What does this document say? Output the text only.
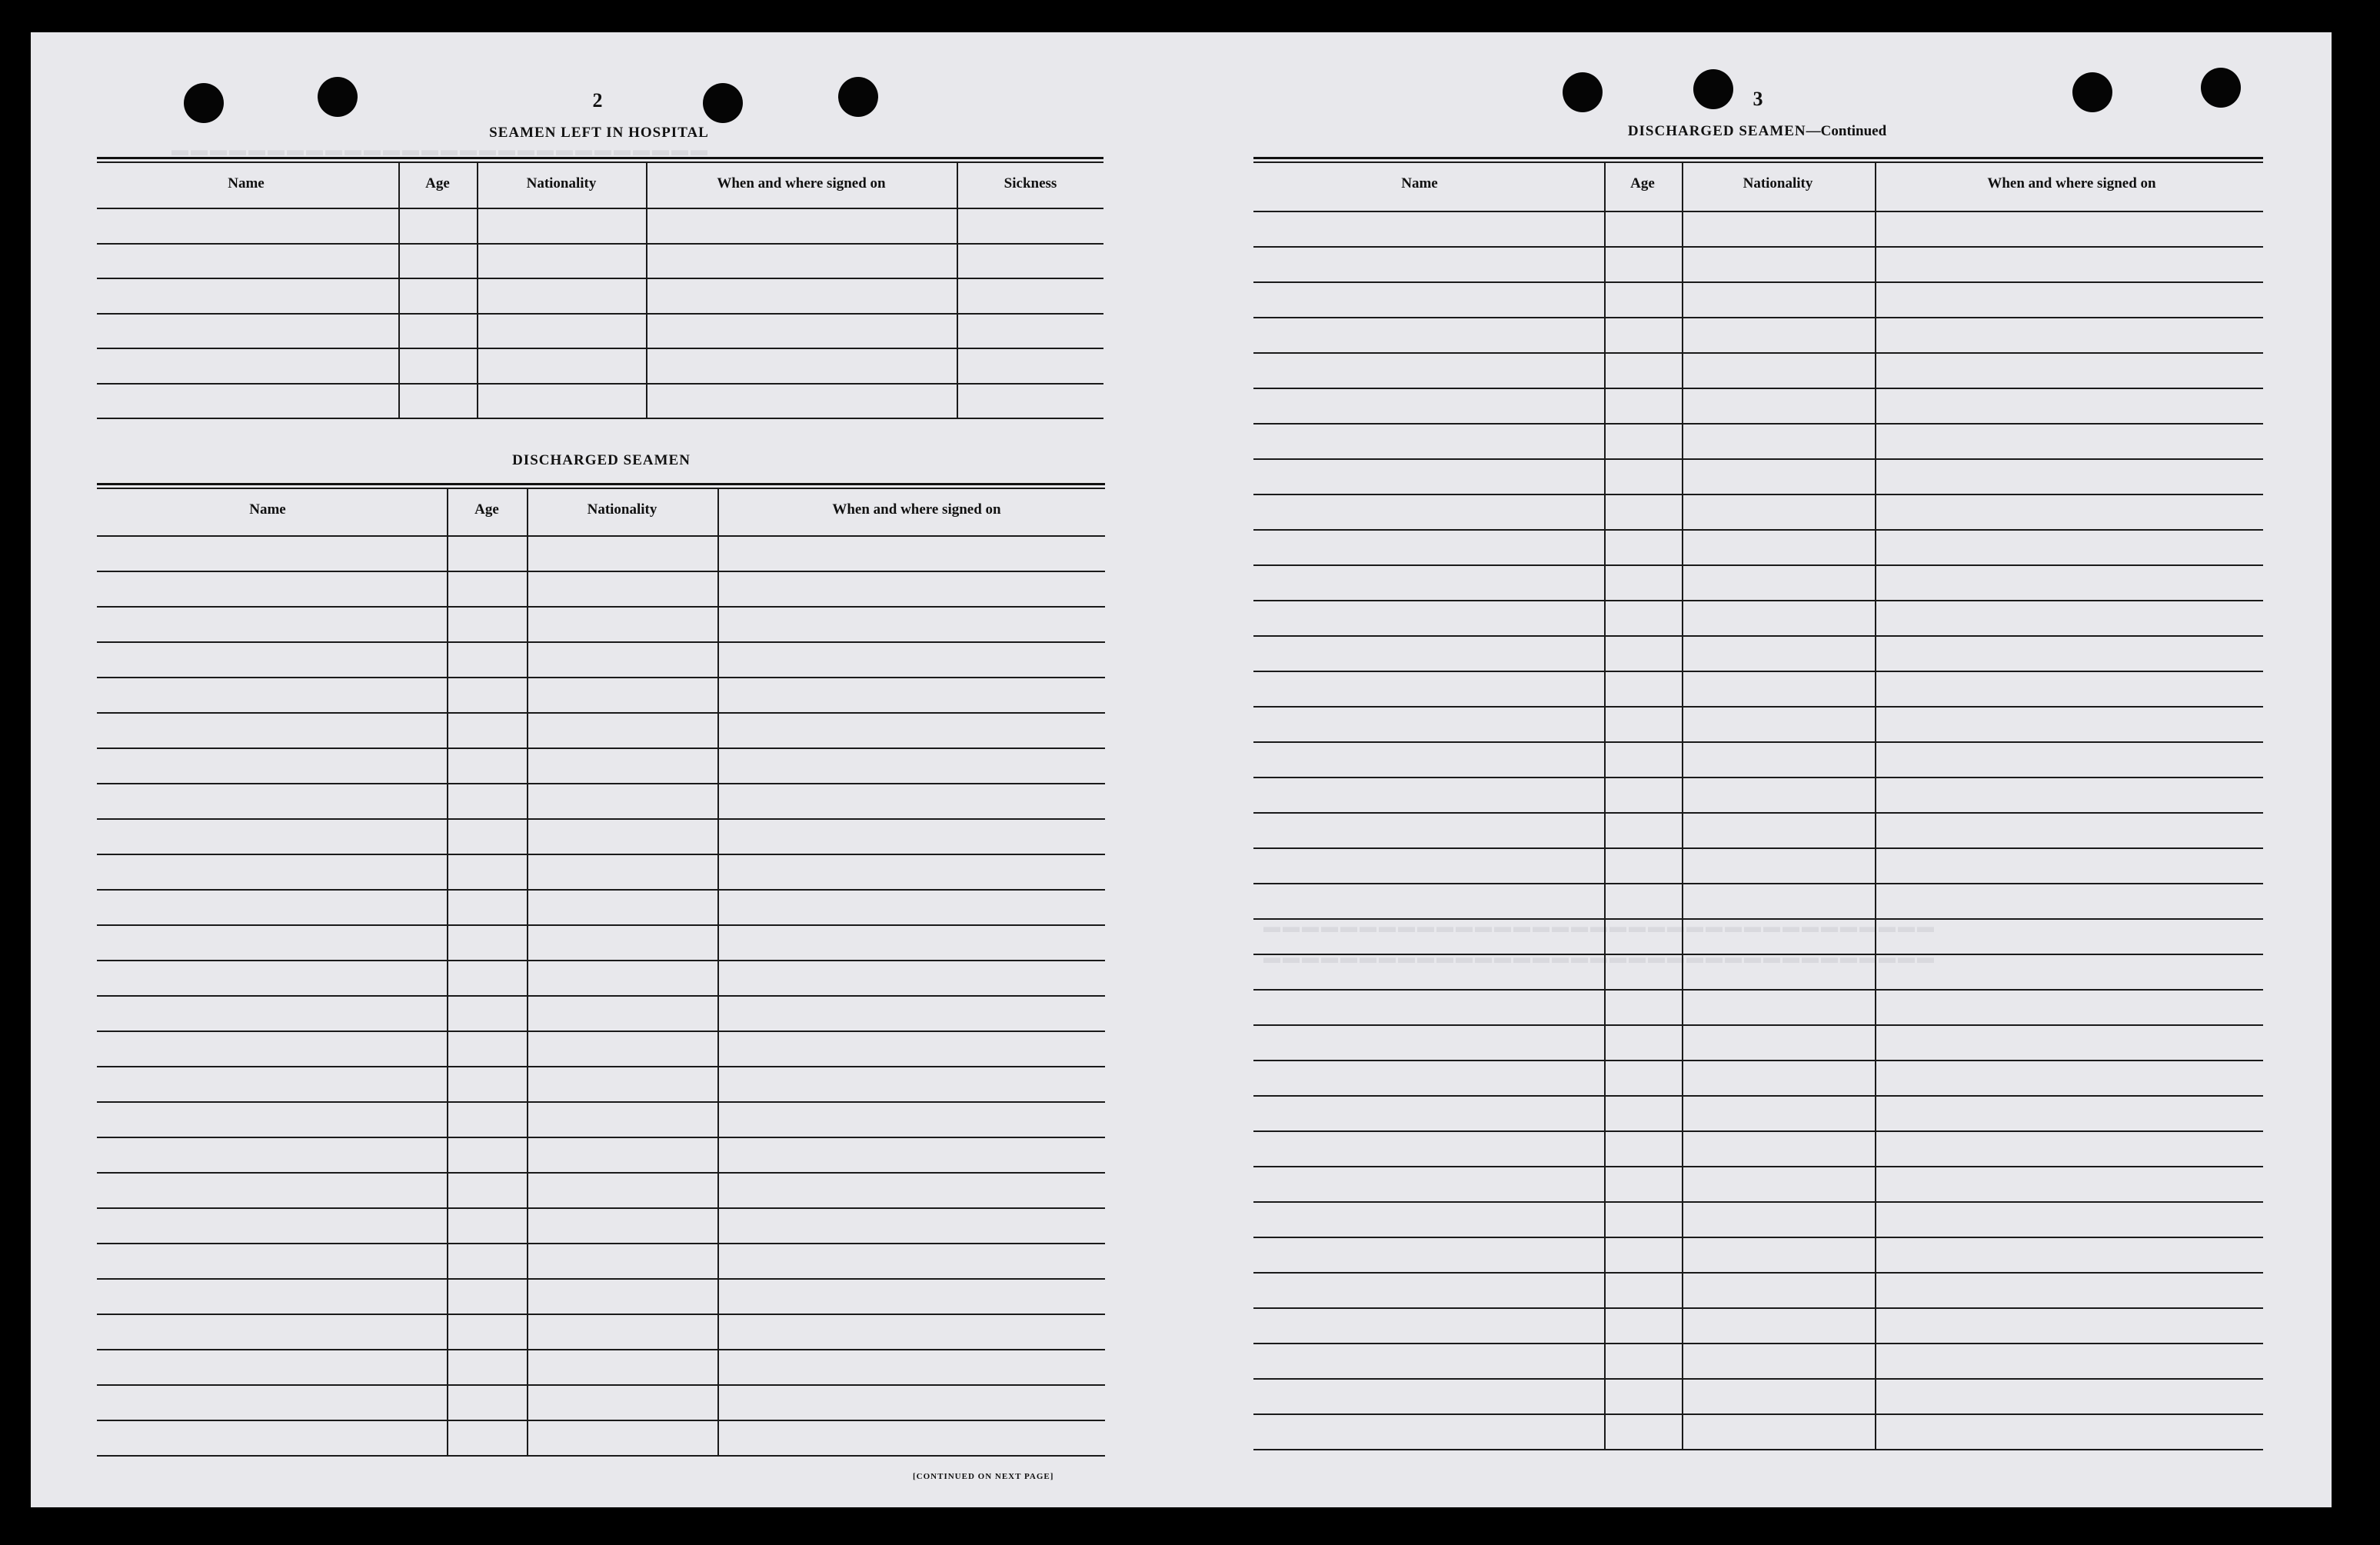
▬▬▬▬▬▬▬▬▬▬▬▬▬▬▬▬▬▬▬▬▬▬▬▬▬▬▬▬
▬▬▬▬▬▬▬▬▬▬▬▬▬▬▬▬▬▬▬▬▬▬▬▬▬▬▬▬▬▬▬▬▬▬▬
▬▬▬▬▬▬▬▬▬▬▬▬▬▬▬▬▬▬▬▬▬▬▬▬▬▬▬▬▬▬▬▬▬▬▬
2
SEAMEN LEFT IN HOSPITAL
DISCHARGED SEAMEN
[CONTINUED ON NEXT PAGE]
3
DISCHARGED SEAMEN—Continued
Name	Age	Nationality	When and where signed on	Sickness
Name	Age	Nationality	When and where signed on
Name	Age	Nationality	When and where signed on
